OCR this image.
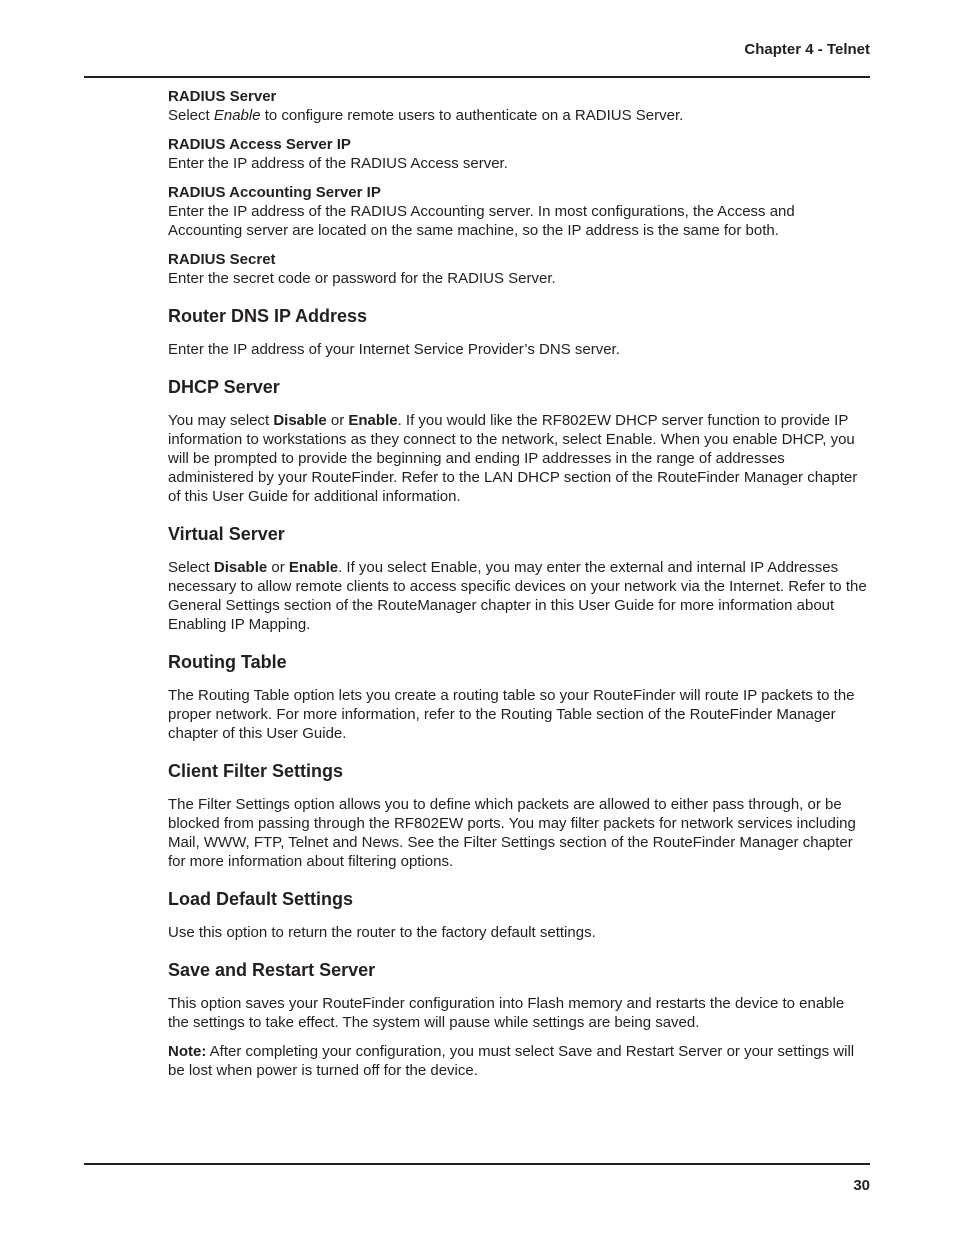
Chapter 4 - Telnet

RADIUS Server

Select Enable to configure remote users to authenticate on a RADIUS Server.

RADIUS Access Server IP

Enter the IP address of the RADIUS Access server.

RADIUS Accounting Server IP

Enter the IP address of the RADIUS Accounting server. In most configurations, the Access and Accounting server are located on the same machine, so the IP address is the same for both.

RADIUS Secret

Enter the secret code or password for the RADIUS Server.

Router DNS IP Address

Enter the IP address of your Internet Service Provider’s DNS server.

DHCP Server

You may select Disable or Enable. If you would like the RF802EW DHCP server function to provide IP information to workstations as they connect to the network, select Enable. When you enable DHCP, you will be prompted to provide the beginning and ending IP addresses in the range of addresses administered by your RouteFinder. Refer to the LAN DHCP section of the RouteFinder Manager chapter of this User Guide for additional information.

Virtual Server

Select Disable or Enable. If you select Enable, you may enter the external and internal IP Addresses necessary to allow remote clients to access specific devices on your network via the Internet. Refer to the General Settings section of the RouteManager chapter in this User Guide for more information about Enabling IP Mapping.

Routing Table

The Routing Table option lets you create a routing table so your RouteFinder will route IP packets to the proper network. For more information, refer to the Routing Table section of the RouteFinder Manager chapter of this User Guide.

Client Filter Settings

The Filter Settings option allows you to define which packets are allowed to either pass through, or be blocked from passing through the RF802EW ports. You may filter packets for network services including Mail, WWW, FTP, Telnet and News. See the Filter Settings section of the RouteFinder Manager chapter for more information about filtering options.

Load Default Settings

Use this option to return the router to the factory default settings.

Save and Restart Server

This option saves your RouteFinder configuration into Flash memory and restarts the device to enable the settings to take effect. The system will pause while settings are being saved.

Note: After completing your configuration, you must select Save and Restart Server or your settings will be lost when power is turned off for the device.

30
